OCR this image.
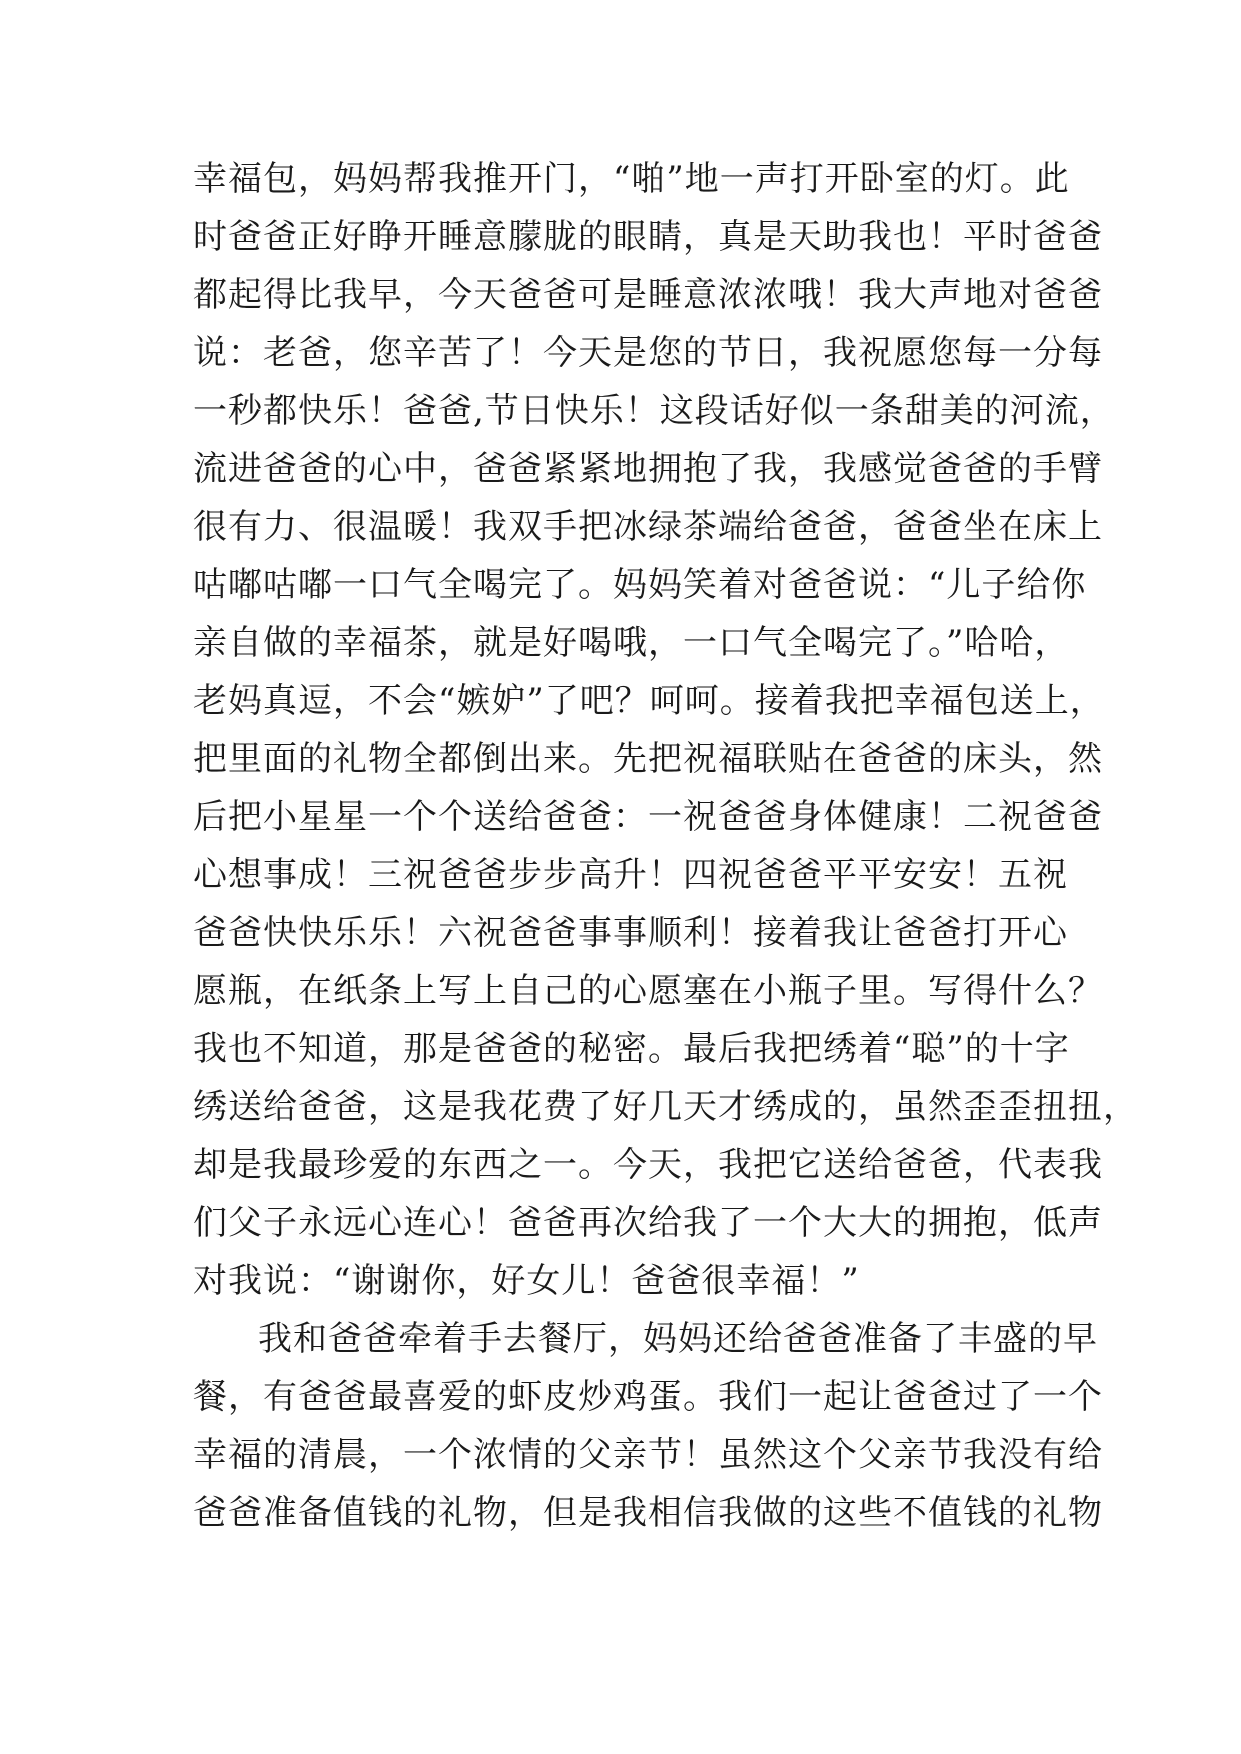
幸福包，妈妈帮我推开门，“啪”地一声打开卧室的灯。此
时爸爸正好睁开睡意朦胧的眼睛，真是天助我也！平时爸爸
都起得比我早，今天爸爸可是睡意浓浓哦！我大声地对爸爸
说：老爸，您辛苦了！今天是您的节日，我祝愿您每一分每
一秒都快乐！爸爸,节日快乐！这段话好似一条甜美的河流，
流进爸爸的心中，爸爸紧紧地拥抱了我，我感觉爸爸的手臂
很有力、很温暖！我双手把冰绿茶端给爸爸，爸爸坐在床上
咕嘟咕嘟一口气全喝完了。妈妈笑着对爸爸说：“儿子给你
亲自做的幸福茶，就是好喝哦，一口气全喝完了。”哈哈，
老妈真逗，不会“嫉妒”了吧？呵呵。接着我把幸福包送上，
把里面的礼物全都倒出来。先把祝福联贴在爸爸的床头，然
后把小星星一个个送给爸爸：一祝爸爸身体健康！二祝爸爸
心想事成！三祝爸爸步步高升！四祝爸爸平平安安！五祝
爸爸快快乐乐！六祝爸爸事事顺利！接着我让爸爸打开心
愿瓶，在纸条上写上自己的心愿塞在小瓶子里。写得什么？
我也不知道，那是爸爸的秘密。最后我把绣着“聪”的十字
绣送给爸爸，这是我花费了好几天才绣成的，虽然歪歪扭扭，
却是我最珍爱的东西之一。今天，我把它送给爸爸，代表我
们父子永远心连心！爸爸再次给我了一个大大的拥抱，低声
对我说：“谢谢你，好女儿！爸爸很幸福！”
我和爸爸牵着手去餐厅，妈妈还给爸爸准备了丰盛的早
餐，有爸爸最喜爱的虾皮炒鸡蛋。我们一起让爸爸过了一个
幸福的清晨，一个浓情的父亲节！虽然这个父亲节我没有给
爸爸准备值钱的礼物，但是我相信我做的这些不值钱的礼物
